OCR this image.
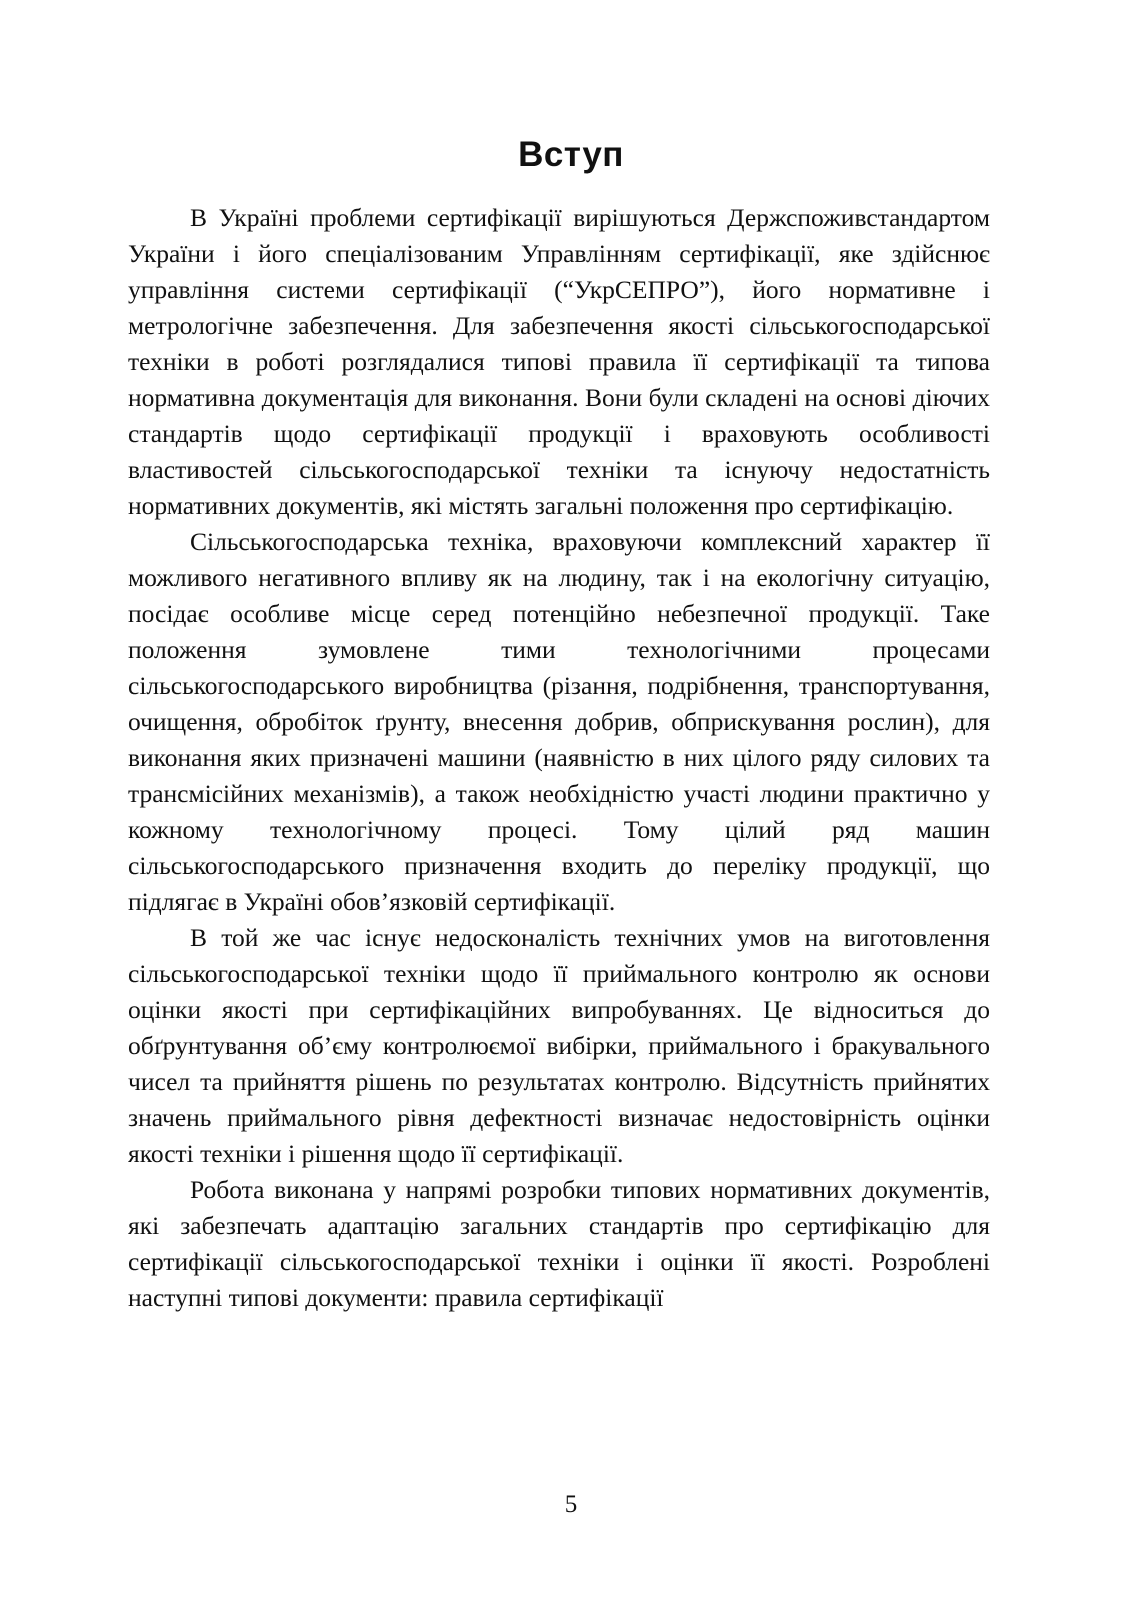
Вступ

В Україні проблеми сертифікації вирішуються Держспоживстандартом України і його спеціалізованим Управлінням сертифікації, яке здійснює управління системи сертифікації (“УкрСЕПРО”), його нормативне і метрологічне забезпечення. Для забезпечення якості сільськогосподарської техніки в роботі розглядалися типові правила її сертифікації та типова нормативна документація для виконання. Вони були складені на основі діючих стандартів щодо сертифікації продукції і враховують особливості властивостей сільськогосподарської техніки та існуючу недостатність нормативних документів, які містять загальні положення про сертифікацію.

Сільськогосподарська техніка, враховуючи комплексний характер її можливого негативного впливу як на людину, так і на екологічну ситуацію, посідає особливе місце серед потенційно небезпечної продукції. Таке положення зумовлене тими технологічними процесами сільськогосподарського виробництва (різання, подрібнення, транспортування, очищення, обробіток ґрунту, внесення добрив, обприскування рослин), для виконання яких призначені машини (наявністю в них цілого ряду силових та трансмісійних механізмів), а також необхідністю участі людини практично у кожному технологічному процесі. Тому цілий ряд машин сільськогосподарського призначення входить до переліку продукції, що підлягає в Україні обов’язковій сертифікації.

В той же час існує недосконалість технічних умов на виготовлення сільськогосподарської техніки щодо її приймального контролю як основи оцінки якості при сертифікаційних випробуваннях. Це відноситься до обґрунтування об’єму контролюємої вибірки, приймального і бракувального чисел та прийняття рішень по результатах контролю. Відсутність прийнятих значень приймального рівня дефектності визначає недостовірність оцінки якості техніки і рішення щодо її сертифікації.

Робота виконана у напрямі розробки типових нормативних документів, які забезпечать адаптацію загальних стандартів про сертифікацію для сертифікації сільськогосподарської техніки і оцінки її якості. Розроблені наступні типові документи: правила сертифікації

5
